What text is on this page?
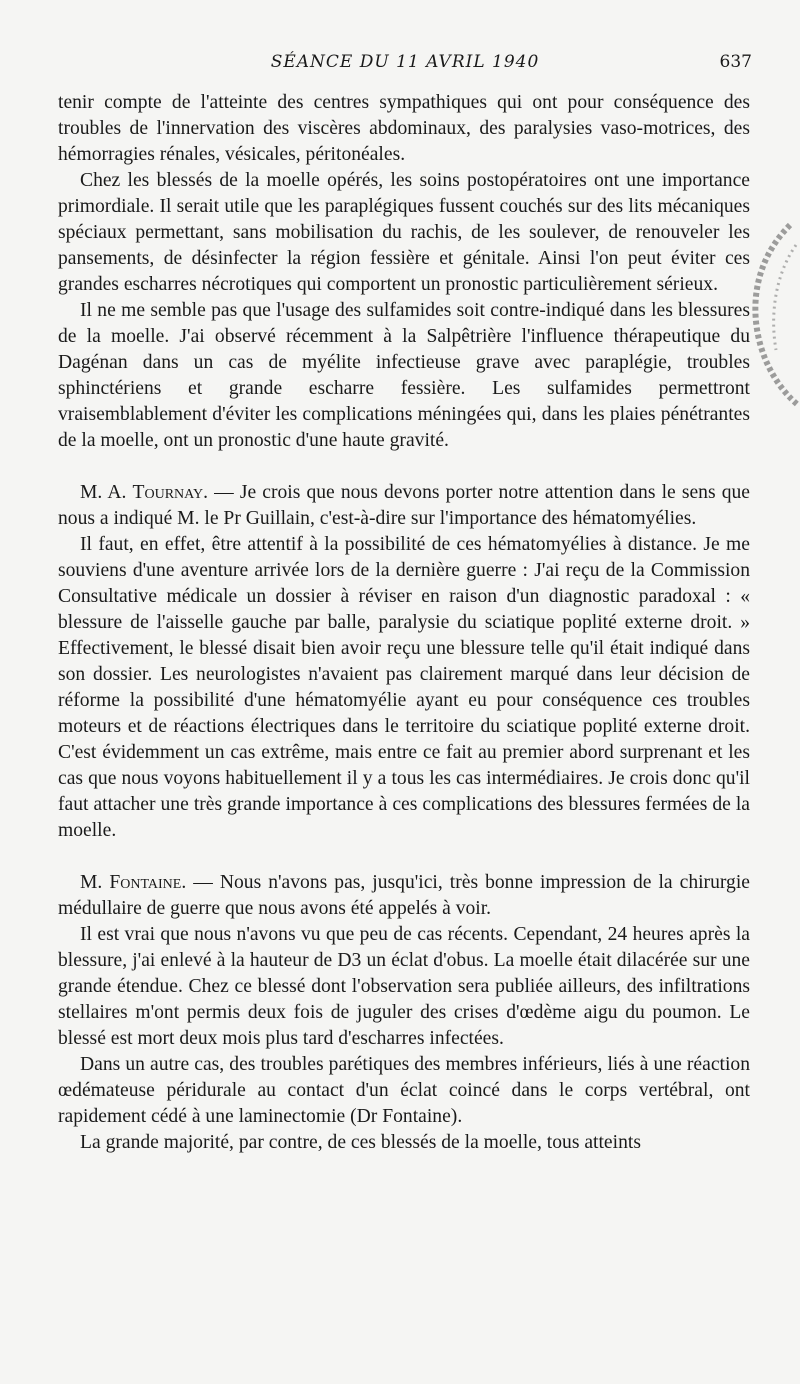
SÉANCE DU 11 AVRIL 1940	637

tenir compte de l'atteinte des centres sympathiques qui ont pour conséquence des troubles de l'innervation des viscères abdominaux, des paralysies vaso-motrices, des hémorragies rénales, vésicales, péritonéales.

Chez les blessés de la moelle opérés, les soins postopératoires ont une importance primordiale. Il serait utile que les paraplégiques fussent couchés sur des lits mécaniques spéciaux permettant, sans mobilisation du rachis, de les soulever, de renouveler les pansements, de désinfecter la région fessière et génitale. Ainsi l'on peut éviter ces grandes escharres nécrotiques qui comportent un pronostic particulièrement sérieux.

Il ne me semble pas que l'usage des sulfamides soit contre-indiqué dans les blessures de la moelle. J'ai observé récemment à la Salpêtrière l'influence thérapeutique du Dagénan dans un cas de myélite infectieuse grave avec paraplégie, troubles sphinctériens et grande escharre fessière. Les sulfamides permettront vraisemblablement d'éviter les complications méningées qui, dans les plaies pénétrantes de la moelle, ont un pronostic d'une haute gravité.

M. A. Tournay. — Je crois que nous devons porter notre attention dans le sens que nous a indiqué M. le Pr Guillain, c'est-à-dire sur l'importance des hématomyélies.

Il faut, en effet, être attentif à la possibilité de ces hématomyélies à distance. Je me souviens d'une aventure arrivée lors de la dernière guerre : J'ai reçu de la Commission Consultative médicale un dossier à réviser en raison d'un diagnostic paradoxal : « blessure de l'aisselle gauche par balle, paralysie du sciatique poplité externe droit. » Effectivement, le blessé disait bien avoir reçu une blessure telle qu'il était indiqué dans son dossier. Les neurologistes n'avaient pas clairement marqué dans leur décision de réforme la possibilité d'une hématomyélie ayant eu pour conséquence ces troubles moteurs et de réactions électriques dans le territoire du sciatique poplité externe droit. C'est évidemment un cas extrême, mais entre ce fait au premier abord surprenant et les cas que nous voyons habituellement il y a tous les cas intermédiaires. Je crois donc qu'il faut attacher une très grande importance à ces complications des blessures fermées de la moelle.

M. Fontaine. — Nous n'avons pas, jusqu'ici, très bonne impression de la chirurgie médullaire de guerre que nous avons été appelés à voir.

Il est vrai que nous n'avons vu que peu de cas récents. Cependant, 24 heures après la blessure, j'ai enlevé à la hauteur de D3 un éclat d'obus. La moelle était dilacérée sur une grande étendue. Chez ce blessé dont l'observation sera publiée ailleurs, des infiltrations stellaires m'ont permis deux fois de juguler des crises d'œdème aigu du poumon. Le blessé est mort deux mois plus tard d'escharres infectées.

Dans un autre cas, des troubles parétiques des membres inférieurs, liés à une réaction œdémateuse péridurale au contact d'un éclat coincé dans le corps vertébral, ont rapidement cédé à une laminectomie (Dr Fontaine).

La grande majorité, par contre, de ces blessés de la moelle, tous atteints
